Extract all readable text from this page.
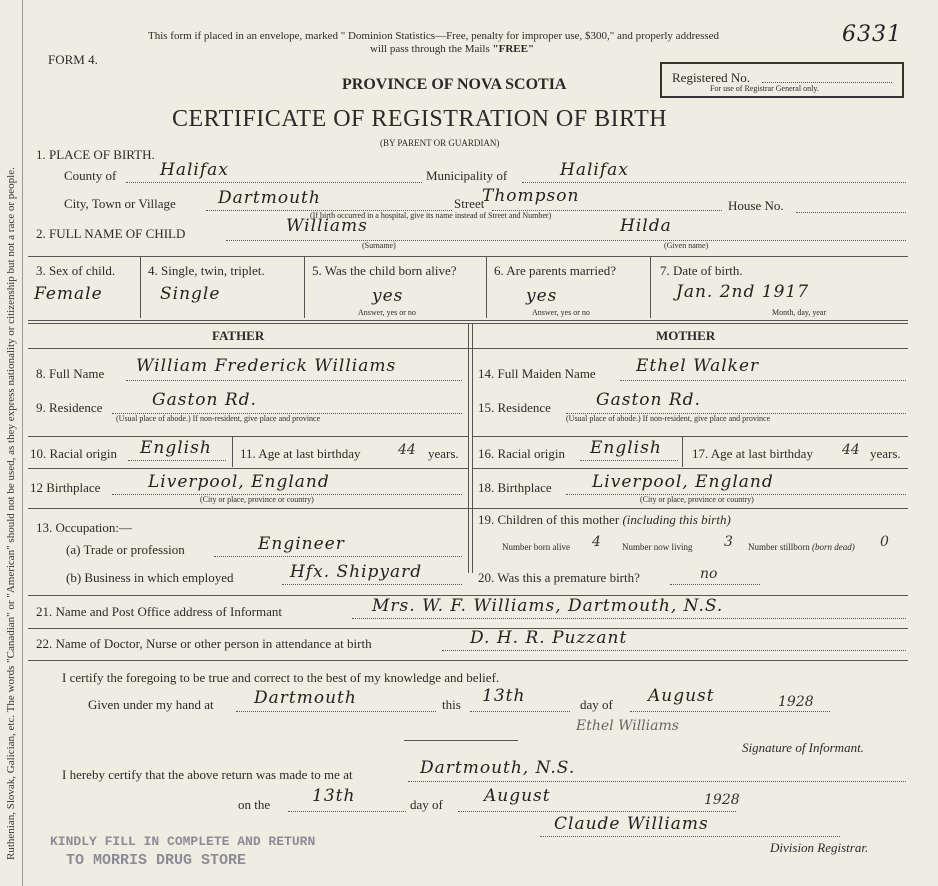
Ruthenian, Slovak, Galician, etc. The words "Canadian" or "American" should not be used, as they express nationality or citizenship but not a race or people.
This form if placed in an envelope, marked " Dominion Statistics—Free, penalty for improper use, $300," and properly addressed
will pass through the Mails "FREE"
FORM 4.
6331
PROVINCE OF NOVA SCOTIA
CERTIFICATE OF REGISTRATION OF BIRTH
(BY PARENT OR GUARDIAN)
Registered No.
For use of Registrar General only.
1. PLACE OF BIRTH.
County of	Halifax	Municipality of	Halifax
City, Town or Village Dartmouth	Street
Thompson	House No.
(If birth occurred in a hospital, give its name instead of Street and Number)
2. FULL NAME OF CHILD	Williams
(Surname)
Hilda
(Given name)
3. Sex of child.
Female
4. Single, twin, triplet.
Single
5. Was the child born alive?
yes
Answer, yes or no
6. Are parents married?
yes
Answer, yes or no
7. Date of birth.
Jan. 2nd 1917
Month, day, year
FATHER	MOTHER
8. Full Name William Frederick Williams
9. Residence	Gaston Rd.
(Usual place of abode.) If non-resident, give place and province
10. Racial origin English 11. Age at last birthday	44 years.
12 Birthplace	Liverpool, England
(City or place, province or country)
13. Occupation:—
(a) Trade or profession	Engineer
(b) Business in which employed	Hfx. Shipyard
14. Full Maiden Name Ethel Walker
15. Residence	Gaston Rd.
(Usual place of abode.) If non-resident, give place and province
16. Racial origin English 17. Age at last birthday 44 years.
18. Birthplace Liverpool, England
(City or place, province or country)
19. Children of this mother (including this birth)
Number born alive 4 Number now living 3 Number stillborn (born dead) 0
20. Was this a premature birth?	no
21. Name and Post Office address of Informant	Mrs. W. F. Williams, Dartmouth, N.S.
22. Name of Doctor, Nurse or other person in attendance at birth	D. H. R. Puzzant
I certify the foregoing to be true and correct to the best of my knowledge and belief.
Given under my hand at Dartmouth	this 13th	day of August	1928
Ethel Williams
Signature of Informant.
I hereby certify that the above return was made to me at	Dartmouth, N.S.
on the 13th	day of August	1928
Claude Williams
Division Registrar.
KINDLY FILL IN COMPLETE AND RETURN
TO MORRIS DRUG STORE
